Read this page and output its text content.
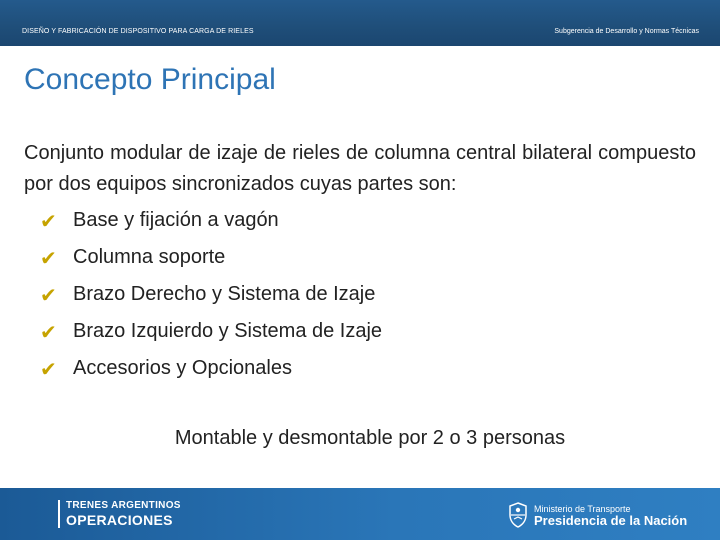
DISEÑO Y FABRICACIÓN DE DISPOSITIVO PARA CARGA DE RIELES	Subgerencia de Desarrollo y Normas Técnicas
Concepto Principal
Conjunto modular de izaje de rieles de columna central bilateral compuesto por dos equipos sincronizados cuyas partes son:
✔ Base y fijación a vagón
✔ Columna soporte
✔ Brazo Derecho y Sistema de Izaje
✔ Brazo Izquierdo y Sistema de Izaje
✔ Accesorios y Opcionales
Montable y desmontable por 2 o 3 personas
TRENES ARGENTINOS
OPERACIONES
Ministerio de Transporte
Presidencia de la Nación
